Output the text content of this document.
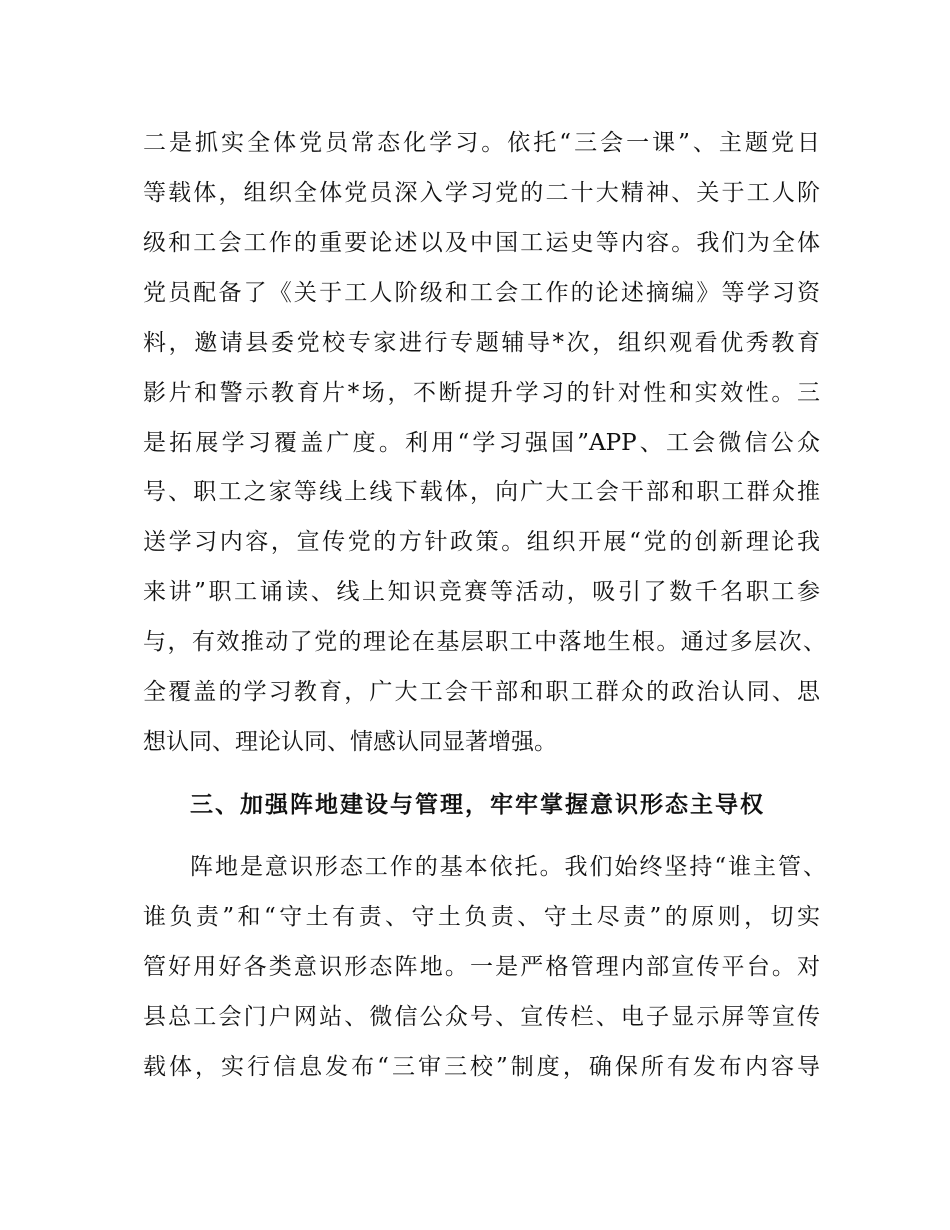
二是抓实全体党员常态化学习。依托“三会一课”、主题党日
等载体，组织全体党员深入学习党的二十大精神、关于工人阶
级和工会工作的重要论述以及中国工运史等内容。我们为全体
党员配备了《关于工人阶级和工会工作的论述摘编》等学习资
料，邀请县委党校专家进行专题辅导*次，组织观看优秀教育
影片和警示教育片*场，不断提升学习的针对性和实效性。三
是拓展学习覆盖广度。利用“学习强国”APP、工会微信公众
号、职工之家等线上线下载体，向广大工会干部和职工群众推
送学习内容，宣传党的方针政策。组织开展“党的创新理论我
来讲”职工诵读、线上知识竞赛等活动，吸引了数千名职工参
与，有效推动了党的理论在基层职工中落地生根。通过多层次、
全覆盖的学习教育，广大工会干部和职工群众的政治认同、思
想认同、理论认同、情感认同显著增强。
三、加强阵地建设与管理，牢牢掌握意识形态主导权
阵地是意识形态工作的基本依托。我们始终坚持“谁主管、
谁负责”和“守土有责、守土负责、守土尽责”的原则，切实
管好用好各类意识形态阵地。一是严格管理内部宣传平台。对
县总工会门户网站、微信公众号、宣传栏、电子显示屏等宣传
载体，实行信息发布“三审三校”制度，确保所有发布内容导
